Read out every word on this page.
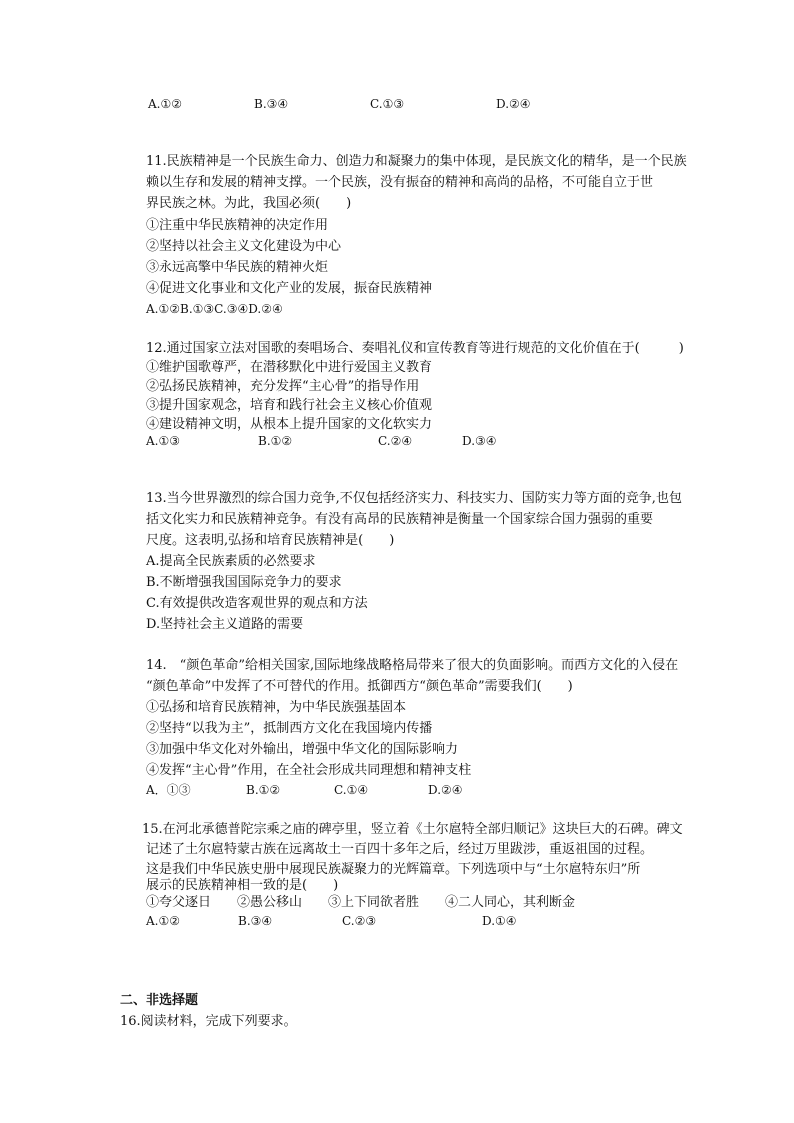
A.①②	B.③④	C.①③	D.②④
11.民族精神是一个民族生命力、创造力和凝聚力的集中体现，是民族文化的精华，是一个民族
赖以生存和发展的精神支撑。一个民族，没有振奋的精神和高尚的品格，不可能自立于世
界民族之林。为此，我国必须(　　)
①注重中华民族精神的决定作用
②坚持以社会主义文化建设为中心
③永远高擎中华民族的精神火炬
④促进文化事业和文化产业的发展，振奋民族精神
A.①②B.①③C.③④D.②④
12.通过国家立法对国歌的奏唱场合、奏唱礼仪和宣传教育等进行规范的文化价值在于(　　　)
①维护国歌尊严，在潜移默化中进行爱国主义教育
②弘扬民族精神，充分发挥“主心骨”的指导作用
③提升国家观念，培育和践行社会主义核心价值观
④建设精神文明，从根本上提升国家的文化软实力
A.①③	B.①②	C.②④	D.③④
13.当今世界激烈的综合国力竞争,不仅包括经济实力、科技实力、国防实力等方面的竞争,也包
括文化实力和民族精神竞争。有没有高昂的民族精神是衡量一个国家综合国力强弱的重要
尺度。这表明,弘扬和培育民族精神是(　　)
A.提高全民族素质的必然要求
B.不断增强我国国际竞争力的要求
C.有效提供改造客观世界的观点和方法
D.坚持社会主义道路的需要
14.　“颜色革命”给相关国家,国际地缘战略格局带来了很大的负面影响。而西方文化的入侵在
“颜色革命”中发挥了不可替代的作用。抵御西方“颜色革命”需要我们(　　)
①弘扬和培育民族精神，为中华民族强基固本
②坚持“以我为主”，抵制西方文化在我国境内传播
③加强中华文化对外输出，增强中华文化的国际影响力
④发挥“主心骨”作用，在全社会形成共同理想和精神支柱
A．①③	B.①②	C.①④	D.②④
15.在河北承德普陀宗乘之庙的碑亭里，竖立着《土尔扈特全部归顺记》这块巨大的石碑。碑文
记述了土尔扈特蒙古族在远离故土一百四十多年之后，经过万里跋涉，重返祖国的过程。
这是我们中华民族史册中展现民族凝聚力的光辉篇章。下列选项中与“土尔扈特东归”所
展示的民族精神相一致的是(　　)
①夸父逐日　　②愚公移山　　③上下同欲者胜　　④二人同心，其利断金
A.①②	B.③④	C.②③	D.①④
二、非选择题
16.阅读材料，完成下列要求。
